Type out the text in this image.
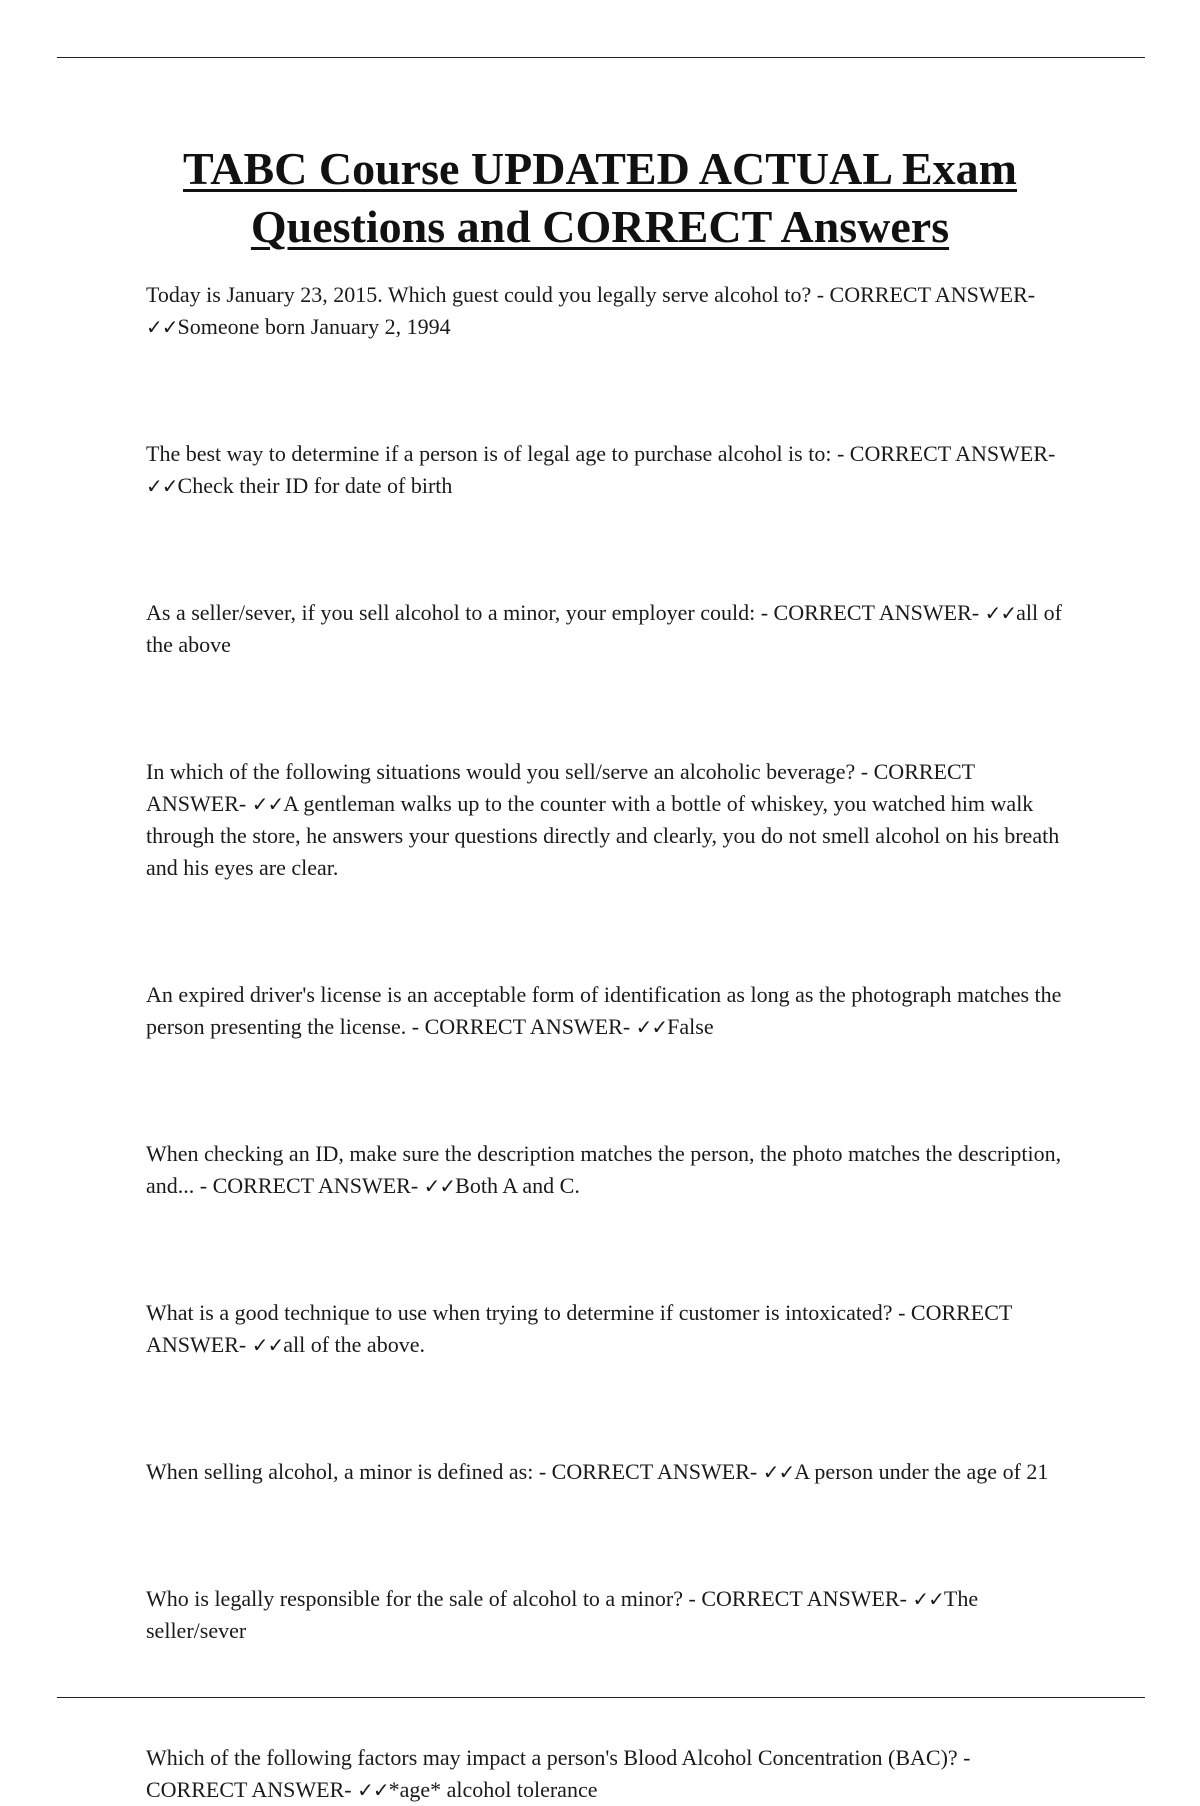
TABC Course UPDATED ACTUAL Exam
Questions and CORRECT Answers

Today is January 23, 2015. Which guest could you legally serve alcohol to? - CORRECT ANSWER- ✓✓Someone born January 2, 1994

The best way to determine if a person is of legal age to purchase alcohol is to: - CORRECT ANSWER- ✓✓Check their ID for date of birth

As a seller/sever, if you sell alcohol to a minor, your employer could: - CORRECT ANSWER- ✓✓all of the above

In which of the following situations would you sell/serve an alcoholic beverage? - CORRECT ANSWER- ✓✓A gentleman walks up to the counter with a bottle of whiskey, you watched him walk through the store, he answers your questions directly and clearly, you do not smell alcohol on his breath and his eyes are clear.

An expired driver's license is an acceptable form of identification as long as the photograph matches the person presenting the license. - CORRECT ANSWER- ✓✓False

When checking an ID, make sure the description matches the person, the photo matches the description, and... - CORRECT ANSWER- ✓✓Both A and C.

What is a good technique to use when trying to determine if customer is intoxicated? - CORRECT ANSWER- ✓✓all of the above.

When selling alcohol, a minor is defined as: - CORRECT ANSWER- ✓✓A person under the age of 21

Who is legally responsible for the sale of alcohol to a minor? - CORRECT ANSWER- ✓✓The seller/sever

Which of the following factors may impact a person's Blood Alcohol Concentration (BAC)? - CORRECT ANSWER- ✓✓*age* alcohol tolerance
